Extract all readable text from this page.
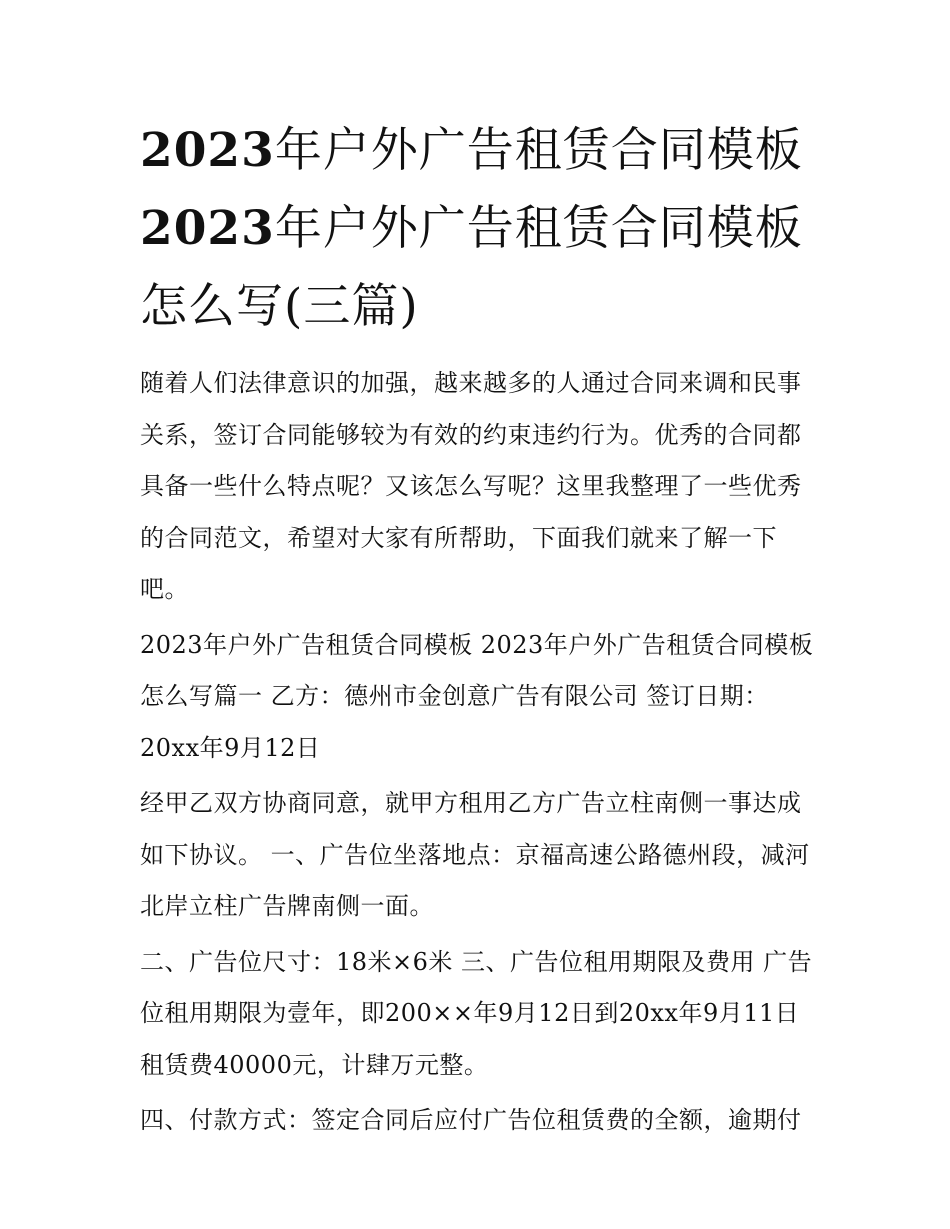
2023年户外广告租赁合同模板
2023年户外广告租赁合同模板
怎么写(三篇)

随着人们法律意识的加强，越来越多的人通过合同来调和民事关系，签订合同能够较为有效的约束违约行为。优秀的合同都具备一些什么特点呢？又该怎么写呢？这里我整理了一些优秀的合同范文，希望对大家有所帮助，下面我们就来了解一下吧。

2023年户外广告租赁合同模板 2023年户外广告租赁合同模板怎么写篇一 乙方：德州市金创意广告有限公司 签订日期：20xx年9月12日

经甲乙双方协商同意，就甲方租用乙方广告立柱南侧一事达成如下协议。 一、广告位坐落地点：京福高速公路德州段，减河北岸立柱广告牌南侧一面。

二、广告位尺寸：18米×6米 三、广告位租用期限及费用 广告位租用期限为壹年，即200××年9月12日到20xx年9月11日 租赁费40000元，计肆万元整。

四、付款方式：签定合同后应付广告位租赁费的全额，逾期付
